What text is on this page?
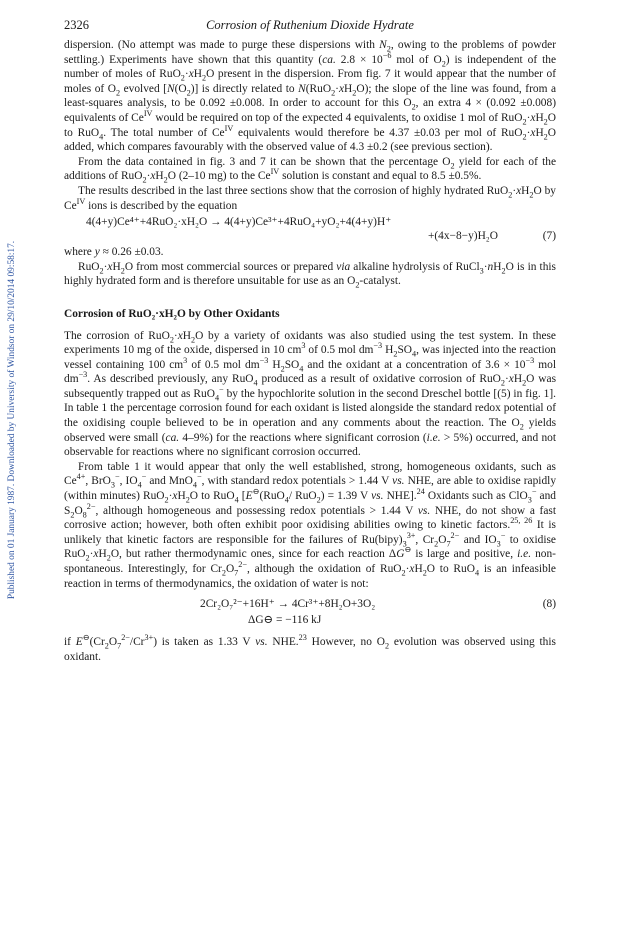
Published on 01 January 1987. Downloaded by University of Windsor on 29/10/2014 09:58:17.
2326	Corrosion of Ruthenium Dioxide Hydrate

dispersion. (No attempt was made to purge these dispersions with $N_2$, owing to the problems of powder settling.) Experiments have shown that this quantity (ca. $2.8 \times 10^{-6}$ mol of $O_2$) is independent of the number of moles of $RuO_2\cdot xH_2O$ present in the dispersion. From fig. 7 it would appear that the number of moles of $O_2$ evolved $[N(O_2)]$ is directly related to $N(RuO_2\cdot xH_2O)$; the slope of the line was found, from a least-squares analysis, to be 0.092 ±0.008. In order to account for this $O_2$, an extra 4 × (0.092 ±0.008) equivalents of $Ce^{IV}$ would be required on top of the expected 4 equivalents, to oxidise 1 mol of $RuO_2\cdot xH_2O$ to RuO$_4$. The total number of $Ce^{IV}$ equivalents would therefore be 4.37 ±0.03 per mol of $RuO_2\cdot xH_2O$ added, which compares favourably with the observed value of 4.3 ±0.2 (see previous section).

From the data contained in fig. 3 and 7 it can be shown that the percentage $O_2$ yield for each of the additions of $RuO_2\cdot xH_2O$ (2–10 mg) to the $Ce^{IV}$ solution is constant and equal to 8.5 ±0.5%.

The results described in the last three sections show that the corrosion of highly hydrated $RuO_2\cdot xH_2O$ by $Ce^{IV}$ ions is described by the equation

4(4+y)Ce⁴⁺+4RuO₂·xH₂O → 4(4+y)Ce³⁺+4RuO₄+yO₂+4(4+y)H⁺
+(4x−8−y)H₂O	(7)

where y ≈ 0.26 ±0.03.

$RuO_2\cdot xH_2O$ from most commercial sources or prepared via alkaline hydrolysis of $RuCl_3\cdot nH_2O$ is in this highly hydrated form and is therefore unsuitable for use as an $O_2$-catalyst.

Corrosion of RuO₂·xH₂O by Other Oxidants

The corrosion of $RuO_2\cdot xH_2O$ by a variety of oxidants was also studied using the test system. In these experiments 10 mg of the oxide, dispersed in 10 $cm^3$ of 0.5 mol $dm^{-3}$ $H_2SO_4$, was injected into the reaction vessel containing 100 $cm^3$ of 0.5 mol $dm^{-3}$ $H_2SO_4$ and the oxidant at a concentration of $3.6 \times 10^{-3}$ mol $dm^{-3}$. As described previously, any RuO$_4$ produced as a result of oxidative corrosion of $RuO_2\cdot xH_2O$ was subsequently trapped out as RuO$_4$− by the hypochlorite solution in the second Dreschel bottle [(5) in fig. 1]. In table 1 the percentage corrosion found for each oxidant is listed alongside the standard redox potential of the oxidising couple believed to be in operation and any comments about the reaction. The $O_2$ yields observed were small (ca. 4–9%) for the reactions where significant corrosion (i.e. > 5%) occurred, and not observable for reactions where no significant corrosion occurred.

From table 1 it would appear that only the well established, strong, homogeneous oxidants, such as $Ce^{4+}$, BrO$_3$−, $IO_4^-$ and MnO$_4$−, with standard redox potentials > 1.44 V vs. NHE, are able to oxidise rapidly (within minutes) $RuO_2\cdot xH_2O$ to RuO$_4$ [E⊖(RuO$_4$/ RuO$_2$) = 1.39 V vs. NHE].$^{24}$ Oxidants such as ClO$_3$− and $S_2O_8^{2-}$, although homogeneous and possessing redox potentials > 1.44 V vs. NHE, do not show a fast corrosive action; however, both often exhibit poor oxidising abilities owing to kinetic factors.$^{25, 26}$ It is unlikely that kinetic factors are responsible for the failures of $Ru(bipy)_3^{3+}$, $Cr_2O_7^{2-}$ and $IO_3^-$ to oxidise $RuO_2\cdot xH_2O$, but rather thermodynamic ones, since for each reaction ΔG⊖ is large and positive, i.e. non-spontaneous. Interestingly, for $Cr_2O_7^{2-}$, although the oxidation of $RuO_2\cdot xH_2O$ to RuO$_4$ is an infeasible reaction in terms of thermodynamics, the oxidation of water is not:

2Cr₂O₇²⁻+16H⁺ → 4Cr³⁺+8H₂O+3O₂	(8)
ΔG⊖ = −116 kJ

if $E^⊖(Cr_2O_7^{2-}/Cr^{3+})$ is taken as 1.33 V vs. NHE.$^{23}$ However, no $O_2$ evolution was observed using this oxidant.
